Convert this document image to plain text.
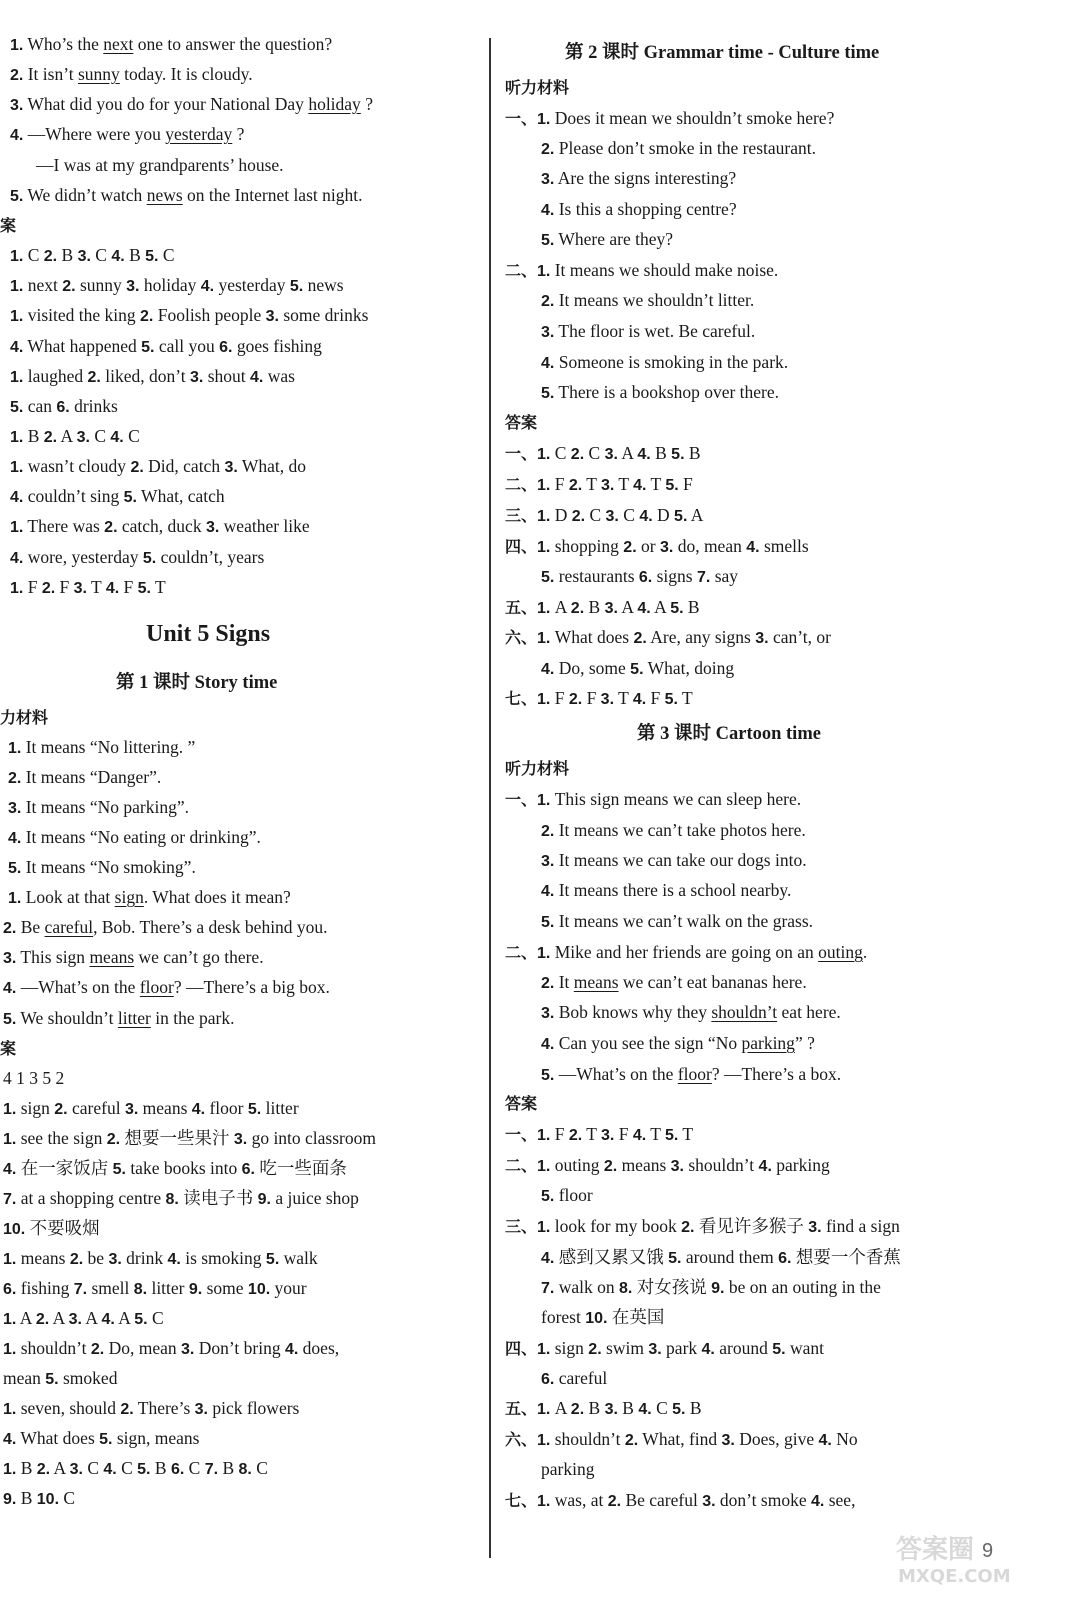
1. Who’s the next one to answer the question?
2. It isn’t sunny today. It is cloudy.
3. What did you do for your National Day holiday ?
4. —Where were you yesterday ?
—I was at my grandparents’ house.
5. We didn’t watch news on the Internet last night.
案
1. C 2. B 3. C 4. B 5. C
1. next 2. sunny 3. holiday 4. yesterday 5. news
1. visited the king 2. Foolish people 3. some drinks
4. What happened 5. call you 6. goes fishing
1. laughed 2. liked, don’t 3. shout 4. was
5. can 6. drinks
1. B 2. A 3. C 4. C
1. wasn’t cloudy 2. Did, catch 3. What, do
4. couldn’t sing 5. What, catch
1. There was 2. catch, duck 3. weather like
4. wore, yesterday 5. couldn’t, years
1. F 2. F 3. T 4. F 5. T
Unit 5 Signs
第 1 课时 Story time
力材料
1. It means “No littering. ”
2. It means “Danger”.
3. It means “No parking”.
4. It means “No eating or drinking”.
5. It means “No smoking”.
1. Look at that sign. What does it mean?
2. Be careful, Bob. There’s a desk behind you.
3. This sign means we can’t go there.
4. —What’s on the floor? —There’s a big box.
5. We shouldn’t litter in the park.
案
4 1 3 5 2
1. sign 2. careful 3. means 4. floor 5. litter
1. see the sign 2. 想要一些果汁 3. go into classroom
4. 在一家饭店 5. take books into 6. 吃一些面条
7. at a shopping centre 8. 读电子书 9. a juice shop
10. 不要吸烟
1. means 2. be 3. drink 4. is smoking 5. walk
6. fishing 7. smell 8. litter 9. some 10. your
1. A 2. A 3. A 4. A 5. C
1. shouldn’t 2. Do, mean 3. Don’t bring 4. does,
mean 5. smoked
1. seven, should 2. There’s 3. pick flowers
4. What does 5. sign, means
1. B 2. A 3. C 4. C 5. B 6. C 7. B 8. C
9. B 10. C
第 2 课时 Grammar time - Culture time
听力材料
一、1. Does it mean we shouldn’t smoke here?
2. Please don’t smoke in the restaurant.
3. Are the signs interesting?
4. Is this a shopping centre?
5. Where are they?
二、1. It means we should make noise.
2. It means we shouldn’t litter.
3. The floor is wet. Be careful.
4. Someone is smoking in the park.
5. There is a bookshop over there.
答案
一、1. C 2. C 3. A 4. B 5. B
二、1. F 2. T 3. T 4. T 5. F
三、1. D 2. C 3. C 4. D 5. A
四、1. shopping 2. or 3. do, mean 4. smells
5. restaurants 6. signs 7. say
五、1. A 2. B 3. A 4. A 5. B
六、1. What does 2. Are, any signs 3. can’t, or
4. Do, some 5. What, doing
七、1. F 2. F 3. T 4. F 5. T
第 3 课时 Cartoon time
听力材料
一、1. This sign means we can sleep here.
2. It means we can’t take photos here.
3. It means we can take our dogs into.
4. It means there is a school nearby.
5. It means we can’t walk on the grass.
二、1. Mike and her friends are going on an outing.
2. It means we can’t eat bananas here.
3. Bob knows why they shouldn’t eat here.
4. Can you see the sign “No parking” ?
5. —What’s on the floor? —There’s a box.
答案
一、1. F 2. T 3. F 4. T 5. T
二、1. outing 2. means 3. shouldn’t 4. parking
5. floor
三、1. look for my book 2. 看见许多猴子 3. find a sign
4. 感到又累又饿 5. around them 6. 想要一个香蕉
7. walk on 8. 对女孩说 9. be on an outing in the
forest 10. 在英国
四、1. sign 2. swim 3. park 4. around 5. want
6. careful
五、1. A 2. B 3. B 4. C 5. B
六、1. shouldn’t 2. What, find 3. Does, give 4. No
parking
七、1. was, at 2. Be careful 3. don’t smoke 4. see,
答案圈
MXQE.COM
9
